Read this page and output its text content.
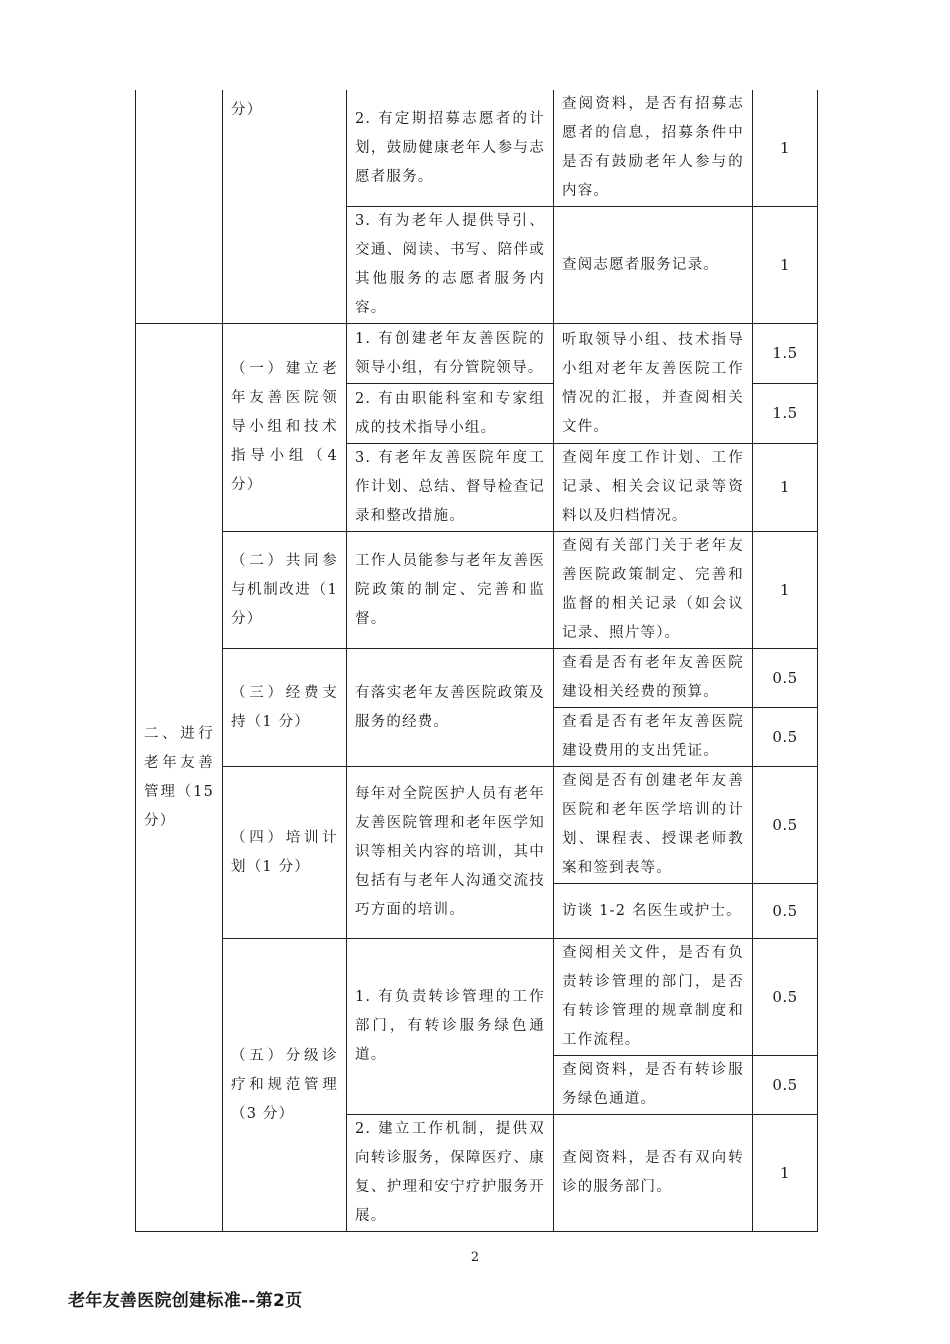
	分）	2. 有定期招募志愿者的计划，鼓励健康老年人参与志愿者服务。	查阅资料，是否有招募志愿者的信息，招募条件中是否有鼓励老年人参与的内容。	1
		3. 有为老年人提供导引、交通、阅读、书写、陪伴或其他服务的志愿者服务内容。	查阅志愿者服务记录。	1
二、进行老年友善管理（15 分）	（一）建立老年友善医院领导小组和技术指导小组（4 分）	1. 有创建老年友善医院的领导小组，有分管院领导。	听取领导小组、技术指导小组对老年友善医院工作情况的汇报，并查阅相关文件。	1.5
		2. 有由职能科室和专家组成的技术指导小组。		1.5
		3. 有老年友善医院年度工作计划、总结、督导检查记录和整改措施。	查阅年度工作计划、工作记录、相关会议记录等资料以及归档情况。	1
	（二）共同参与机制改进（1 分）	工作人员能参与老年友善医院政策的制定、完善和监督。	查阅有关部门关于老年友善医院政策制定、完善和监督的相关记录（如会议记录、照片等）。	1
	（三）经费支持（1 分）	有落实老年友善医院政策及服务的经费。	查看是否有老年友善医院建设相关经费的预算。	0.5
			查看是否有老年友善医院建设费用的支出凭证。	0.5
	（四）培训计划（1 分）	每年对全院医护人员有老年友善医院管理和老年医学知识等相关内容的培训，其中包括有与老年人沟通交流技巧方面的培训。	查阅是否有创建老年友善医院和老年医学培训的计划、课程表、授课老师教案和签到表等。	0.5
			访谈 1-2 名医生或护士。	0.5
	（五）分级诊疗和规范管理（3 分）	1. 有负责转诊管理的工作部门，有转诊服务绿色通道。	查阅相关文件，是否有负责转诊管理的部门，是否有转诊管理的规章制度和工作流程。	0.5
			查阅资料，是否有转诊服务绿色通道。	0.5
		2. 建立工作机制，提供双向转诊服务，保障医疗、康复、护理和安宁疗护服务开展。	查阅资料，是否有双向转诊的服务部门。	1
2
老年友善医院创建标准--第2页
